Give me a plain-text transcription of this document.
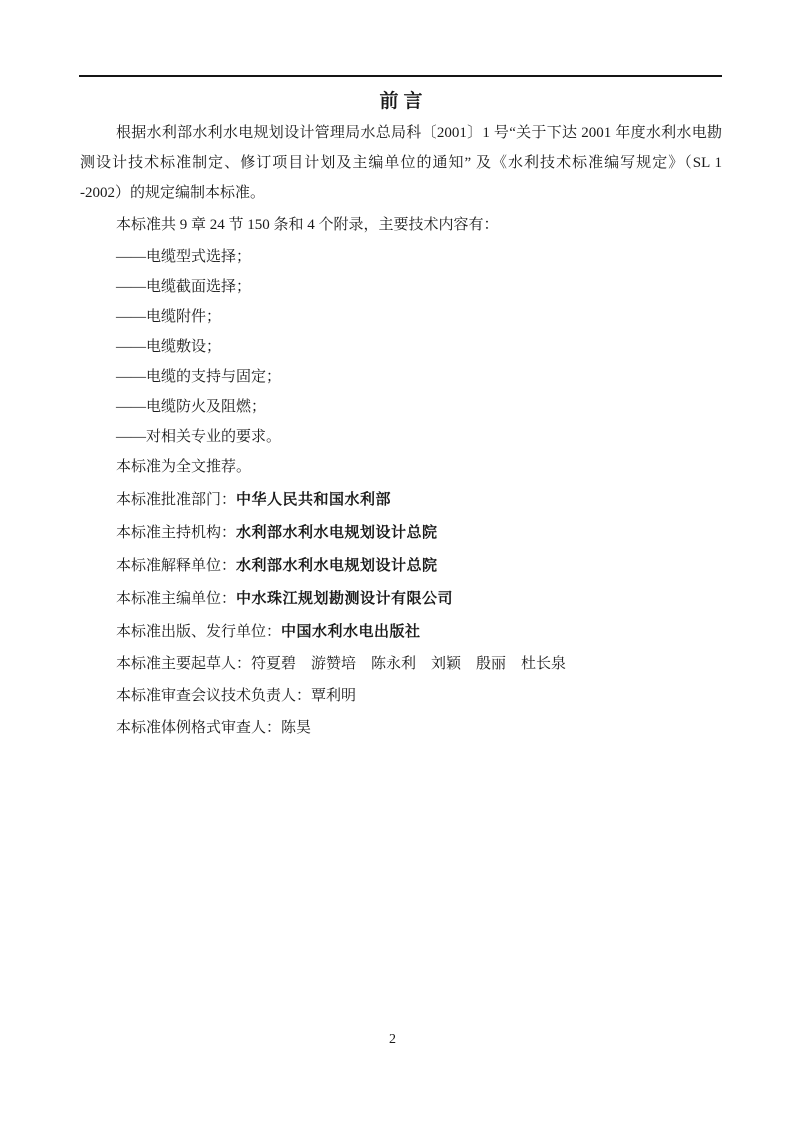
前言

根据水利部水利水电规划设计管理局水总局科〔2001〕1 号“关于下达 2001 年度水利水电勘测设计技术标准制定、修订项目计划及主编单位的通知” 及《水利技术标准编写规定》（SL 1 -2002）的规定编制本标准。

本标准共 9 章 24 节 150 条和 4 个附录，主要技术内容有：

——电缆型式选择；

——电缆截面选择；

——电缆附件；

——电缆敷设；

——电缆的支持与固定；

——电缆防火及阻燃；

——对相关专业的要求。

本标准为全文推荐。

本标准批准部门：中华人民共和国水利部

本标准主持机构：水利部水利水电规划设计总院

本标准解释单位：水利部水利水电规划设计总院

本标准主编单位：中水珠江规划勘测设计有限公司

本标准出版、发行单位：中国水利水电出版社

本标准主要起草人：符夏碧　游赞培　陈永利　刘颖　殷丽　杜长泉

本标准审查会议技术负责人：覃利明

本标准体例格式审查人：陈昊

2
